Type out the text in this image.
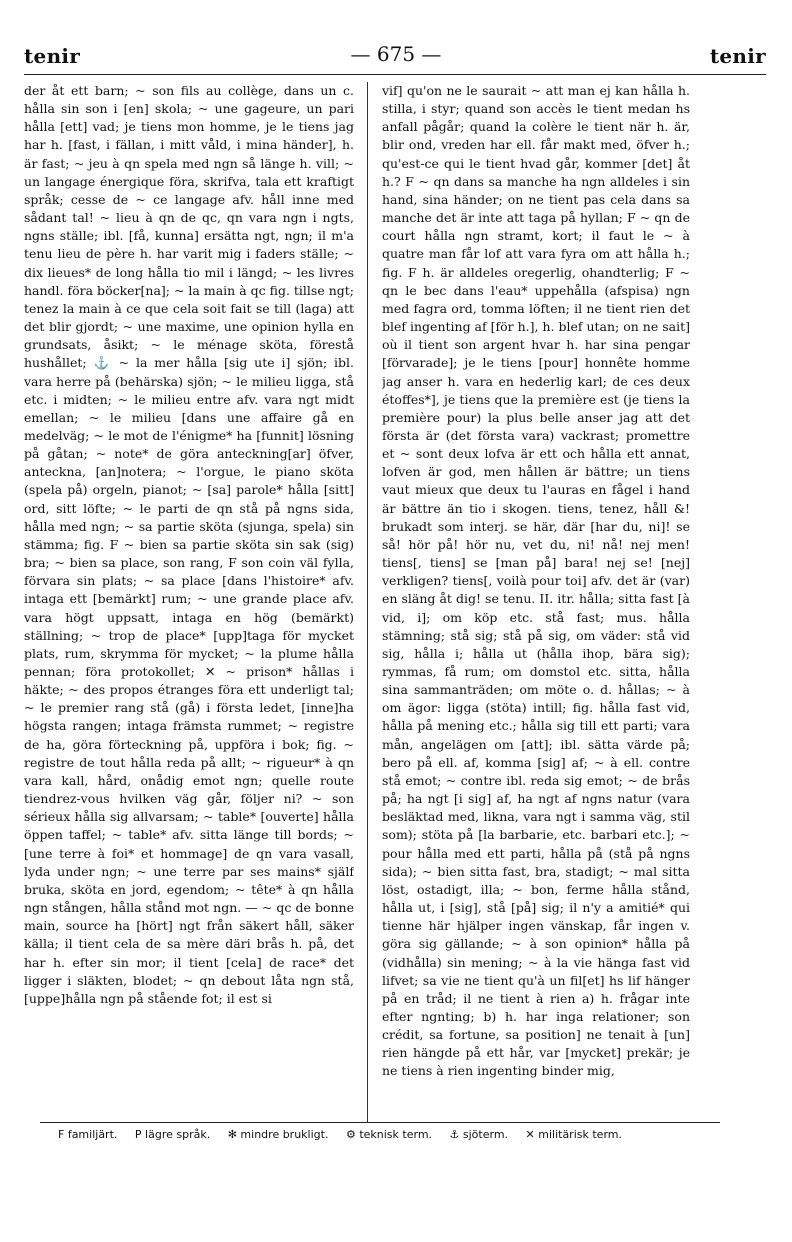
tenir	— 675 —	tenir

der åt ett barn; ~ son fils au collège, dans un c. hålla sin son i [en] skola; ~ une gageure, un pari hålla [ett] vad; je tiens mon homme, je le tiens jag har h. [fast, i fällan, i mitt våld, i mina händer], h. är fast; ~ jeu à qn spela med ngn så länge h. vill; ~ un langage énergique föra, skrifva, tala ett kraftigt språk; cesse de ~ ce langage afv. håll inne med sådant tal! ~ lieu à qn de qc, qn vara ngn i ngts, ngns ställe; ibl. [få, kunna] ersätta ngt, ngn; il m'a tenu lieu de père h. har varit mig i faders ställe; ~ dix lieues* de long hålla tio mil i längd; ~ les livres handl. föra böcker[na]; ~ la main à qc fig. tillse ngt; tenez la main à ce que cela soit fait se till (laga) att det blir gjordt; ~ une maxime, une opinion hylla en grundsats, åsikt; ~ le ménage sköta, förestå hushållet; ⚓ ~ la mer hålla [sig ute i] sjön; ibl. vara herre på (behärska) sjön; ~ le milieu ligga, stå etc. i midten; ~ le milieu entre afv. vara ngt midt emellan; ~ le milieu [dans une affaire gå en medelväg; ~ le mot de l'énigme* ha [funnit] lösning på gåtan; ~ note* de göra anteckning[ar] öfver, anteckna, [an]notera; ~ l'orgue, le piano sköta (spela på) orgeln, pianot; ~ [sa] parole* hålla [sitt] ord, sitt löfte; ~ le parti de qn stå på ngns sida, hålla med ngn; ~ sa partie sköta (sjunga, spela) sin stämma; fig. F ~ bien sa partie sköta sin sak (sig) bra; ~ bien sa place, son rang, F son coin väl fylla, förvara sin plats; ~ sa place [dans l'histoire* afv. intaga ett [bemärkt] rum; ~ une grande place afv. vara högt uppsatt, intaga en hög (bemärkt) ställning; ~ trop de place* [upp]taga för mycket plats, rum, skrymma för mycket; ~ la plume hålla pennan; föra protokollet; ✕ ~ prison* hållas i häkte; ~ des propos étranges föra ett underligt tal; ~ le premier rang stå (gå) i första ledet, [inne]ha högsta rangen; intaga främsta rummet; ~ registre de ha, göra förteckning på, uppföra i bok; fig. ~ registre de tout hålla reda på allt; ~ rigueur* à qn vara kall, hård, onådig emot ngn; quelle route tiendrez-vous hvilken väg går, följer ni? ~ son sérieux hålla sig allvarsam; ~ table* [ouverte] hålla öppen taffel; ~ table* afv. sitta länge till bords; ~ [une terre à foi* et hommage] de qn vara vasall, lyda under ngn; ~ une terre par ses mains* själf bruka, sköta en jord, egendom; ~ tête* à qn hålla ngn stången, hålla stånd mot ngn. — ~ qc de bonne main, source ha [hört] ngt från säkert håll, säker källa; il tient cela de sa mère däri brås h. på, det har h. efter sin mor; il tient [cela] de race* det ligger i släkten, blodet; ~ qn debout låta ngn stå, [uppe]hålla ngn på stående fot; il est si

vif] qu'on ne le saurait ~ att man ej kan hålla h. stilla, i styr; quand son accès le tient medan hs anfall pågår; quand la colère le tient när h. är, blir ond, vreden har ell. får makt med, öfver h.; qu'est-ce qui le tient hvad går, kommer [det] åt h.? F ~ qn dans sa manche ha ngn alldeles i sin hand, sina händer; on ne tient pas cela dans sa manche det är inte att taga på hyllan; F ~ qn de court hålla ngn stramt, kort; il faut le ~ à quatre man får lof att vara fyra om att hålla h.; fig. F h. är alldeles oregerlig, ohandterlig; F ~ qn le bec dans l'eau* uppehålla (afspisa) ngn med fagra ord, tomma löften; il ne tient rien det blef ingenting af [för h.], h. blef utan; on ne sait] où il tient son argent hvar h. har sina pengar [förvarade]; je le tiens [pour] honnête homme jag anser h. vara en hederlig karl; de ces deux étoffes*], je tiens que la première est (je tiens la première pour) la plus belle anser jag att det första är (det första vara) vackrast; promettre et ~ sont deux lofva är ett och hålla ett annat, lofven är god, men hållen är bättre; un tiens vaut mieux que deux tu l'auras en fågel i hand är bättre än tio i skogen. tiens, tenez, håll &! brukadt som interj. se här, där [har du, ni]! se så! hör på! hör nu, vet du, ni! nå! nej men! tiens[, tiens] se [man på] bara! nej se! [nej] verkligen? tiens[, voilà pour toi] afv. det är (var) en släng åt dig! se tenu. II. itr. hålla; sitta fast [à vid, i]; om köp etc. stå fast; mus. hålla stämning; stå sig; stå på sig, om väder: stå vid sig, hålla i; hålla ut (hålla ihop, bära sig); rymmas, få rum; om domstol etc. sitta, hålla sina sammanträden; om möte o. d. hållas; ~ à om ägor: ligga (stöta) intill; fig. hålla fast vid, hålla på mening etc.; hålla sig till ett parti; vara mån, angelägen om [att]; ibl. sätta värde på; bero på ell. af, komma [sig] af; ~ à ell. contre stå emot; ~ contre ibl. reda sig emot; ~ de brås på; ha ngt [i sig] af, ha ngt af ngns natur (vara besläktad med, likna, vara ngt i samma väg, stil som); stöta på [la barbarie, etc. barbari etc.]; ~ pour hålla med ett parti, hålla på (stå på ngns sida); ~ bien sitta fast, bra, stadigt; ~ mal sitta löst, ostadigt, illa; ~ bon, ferme hålla stånd, hålla ut, i [sig], stå [på] sig; il n'y a amitié* qui tienne här hjälper ingen vänskap, får ingen v. göra sig gällande; ~ à son opinion* hålla på (vidhålla) sin mening; ~ à la vie hänga fast vid lifvet; sa vie ne tient qu'à un fil[et] hs lif hänger på en tråd; il ne tient à rien a) h. frågar inte efter ngnting; b) h. har inga relationer; son crédit, sa fortune, sa position] ne tenait à [un] rien hängde på ett hår, var [mycket] prekär; je ne tiens à rien ingenting binder mig,

F familjärt. P lägre språk. ✻ mindre brukligt. ⚙ teknisk term. ⚓ sjöterm. ✕ militärisk term.
